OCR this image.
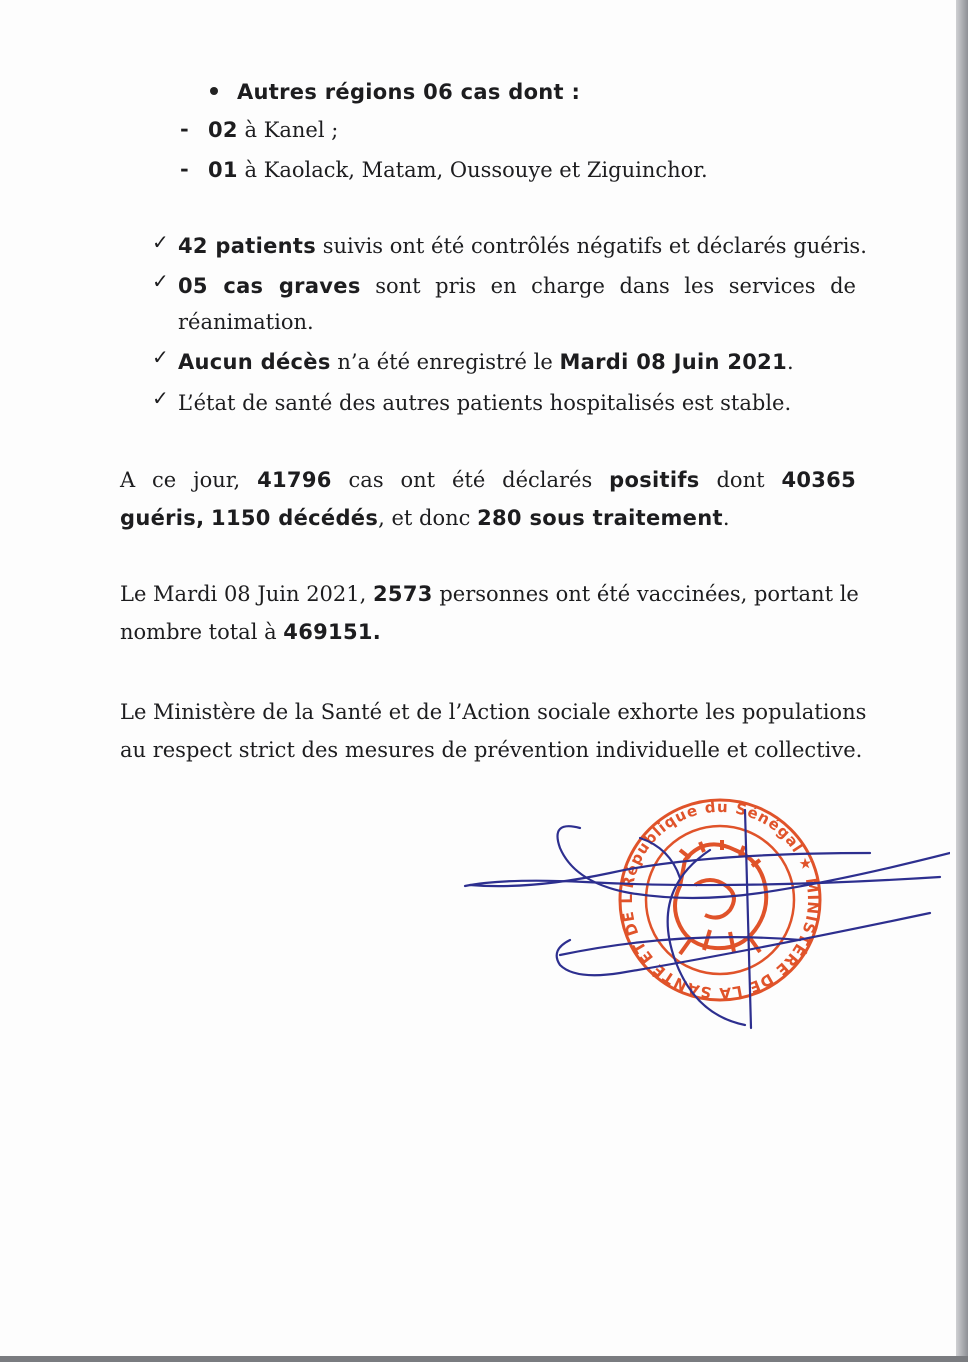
Autres régions 06 cas dont :
- 02 à Kanel ;
- 01 à Kaolack, Matam, Oussouye et Ziguinchor.
✓ 42 patients suivis ont été contrôlés négatifs et déclarés guéris.
✓ 05 cas graves sont pris en charge dans les services de
réanimation.
✓ Aucun décès n’a été enregistré le Mardi 08 Juin 2021.
✓ L’état de santé des autres patients hospitalisés est stable.
A ce jour, 41796 cas ont été déclarés positifs dont 40365
guéris, 1150 décédés, et donc 280 sous traitement.
Le Mardi 08 Juin 2021, 2573 personnes ont été vaccinées, portant le
nombre total à 469151.
Le Ministère de la Santé et de l’Action sociale exhorte les populations
au respect strict des mesures de prévention individuelle et collective.
République du Sénégal ★ MINISTÈRE DE LA SANTÉ ET DE L
